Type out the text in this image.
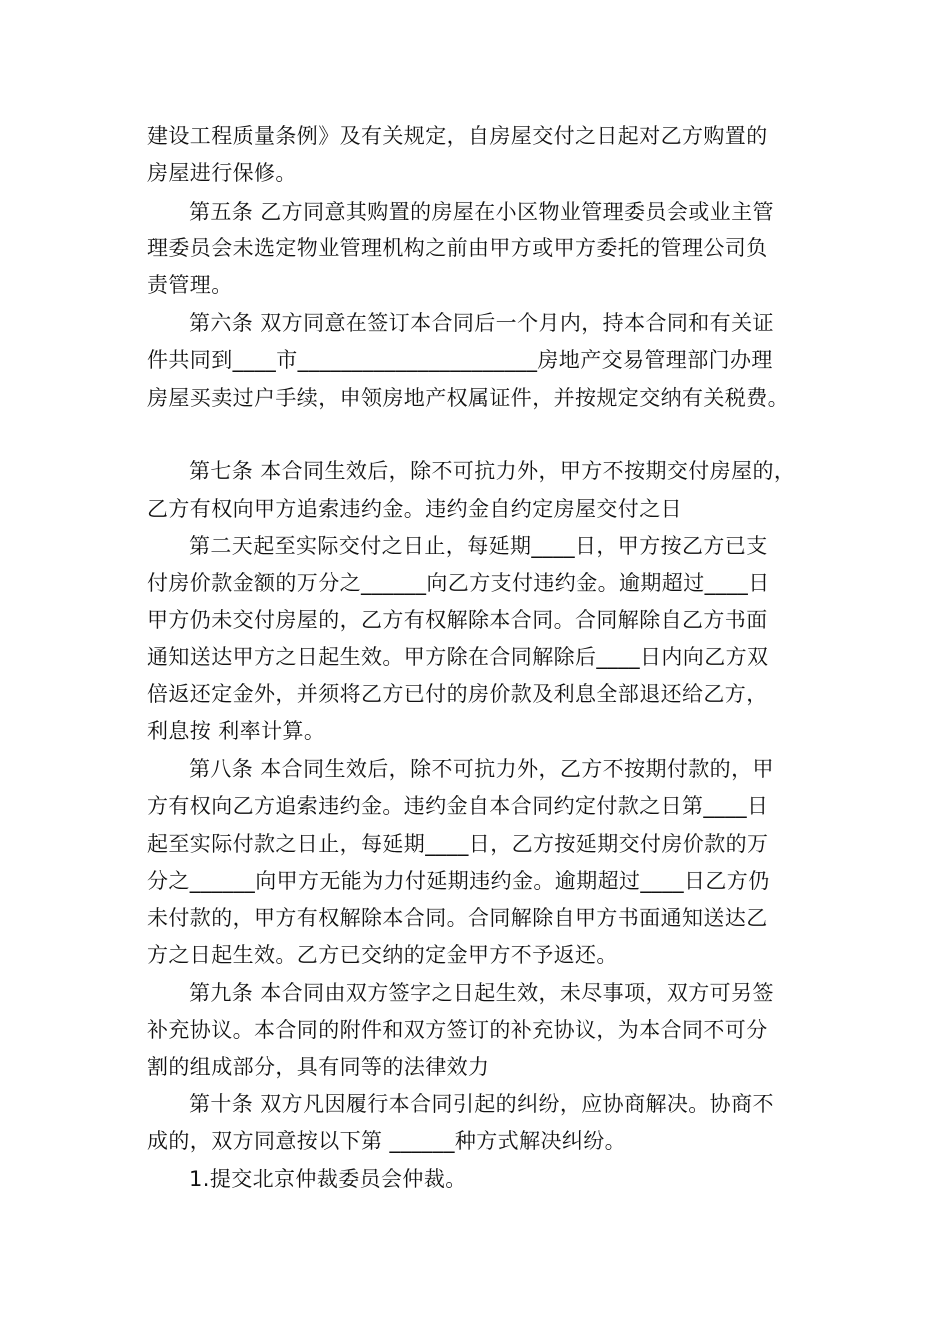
建设工程质量条例》及有关规定，自房屋交付之日起对乙方购置的
房屋进行保修。
第五条 乙方同意其购置的房屋在小区物业管理委员会或业主管
理委员会未选定物业管理机构之前由甲方或甲方委托的管理公司负
责管理。
第六条 双方同意在签订本合同后一个月内，持本合同和有关证
件共同到____市______________________房地产交易管理部门办理
房屋买卖过户手续，申领房地产权属证件，并按规定交纳有关税费。
第七条 本合同生效后，除不可抗力外，甲方不按期交付房屋的，
乙方有权向甲方追索违约金。违约金自约定房屋交付之日
第二天起至实际交付之日止，每延期____日，甲方按乙方已支
付房价款金额的万分之______向乙方支付违约金。逾期超过____日
甲方仍未交付房屋的，乙方有权解除本合同。合同解除自乙方书面
通知送达甲方之日起生效。甲方除在合同解除后____日内向乙方双
倍返还定金外，并须将乙方已付的房价款及利息全部退还给乙方，
利息按 利率计算。
第八条 本合同生效后，除不可抗力外，乙方不按期付款的，甲
方有权向乙方追索违约金。违约金自本合同约定付款之日第____日
起至实际付款之日止，每延期____日，乙方按延期交付房价款的万
分之______向甲方无能为力付延期违约金。逾期超过____日乙方仍
未付款的，甲方有权解除本合同。合同解除自甲方书面通知送达乙
方之日起生效。乙方已交纳的定金甲方不予返还。
第九条 本合同由双方签字之日起生效，未尽事项，双方可另签
补充协议。本合同的附件和双方签订的补充协议，为本合同不可分
割的组成部分，具有同等的法律效力
第十条 双方凡因履行本合同引起的纠纷，应协商解决。协商不
成的，双方同意按以下第 ______种方式解决纠纷。
1.提交北京仲裁委员会仲裁。
